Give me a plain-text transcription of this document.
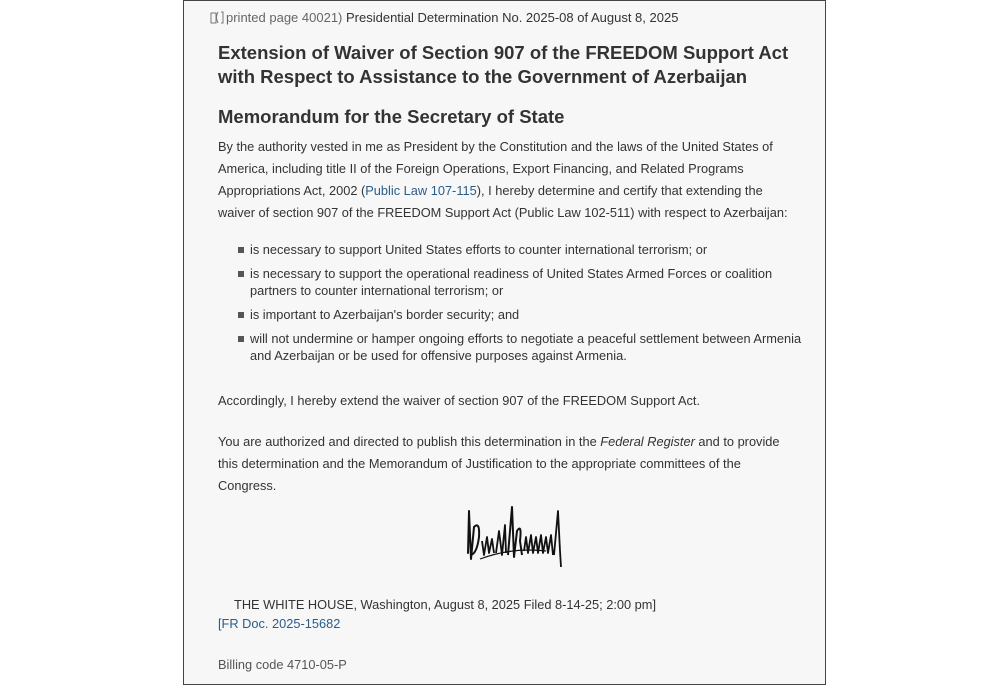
printed page 40021) Presidential Determination No. 2025-08 of August 8, 2025
Extension of Waiver of Section 907 of the FREEDOM Support Act with Respect to Assistance to the Government of Azerbaijan
Memorandum for the Secretary of State

By the authority vested in me as President by the Constitution and the laws of the United States of America, including title II of the Foreign Operations, Export Financing, and Related Programs Appropriations Act, 2002 (Public Law 107-115), I hereby determine and certify that extending the waiver of section 907 of the FREEDOM Support Act (Public Law 102-511) with respect to Azerbaijan:

is necessary to support United States efforts to counter international terrorism; or
is necessary to support the operational readiness of United States Armed Forces or coalition partners to counter international terrorism; or
is important to Azerbaijan's border security; and
will not undermine or hamper ongoing efforts to negotiate a peaceful settlement between Armenia and Azerbaijan or be used for offensive purposes against Armenia.

Accordingly, I hereby extend the waiver of section 907 of the FREEDOM Support Act.

You are authorized and directed to publish this determination in the Federal Register and to provide this determination and the Memorandum of Justification to the appropriate committees of the Congress.

THE WHITE HOUSE, Washington, August 8, 2025 Filed 8-14-25; 2:00 pm]

[FR Doc. 2025-15682

Billing code 4710-05-P
